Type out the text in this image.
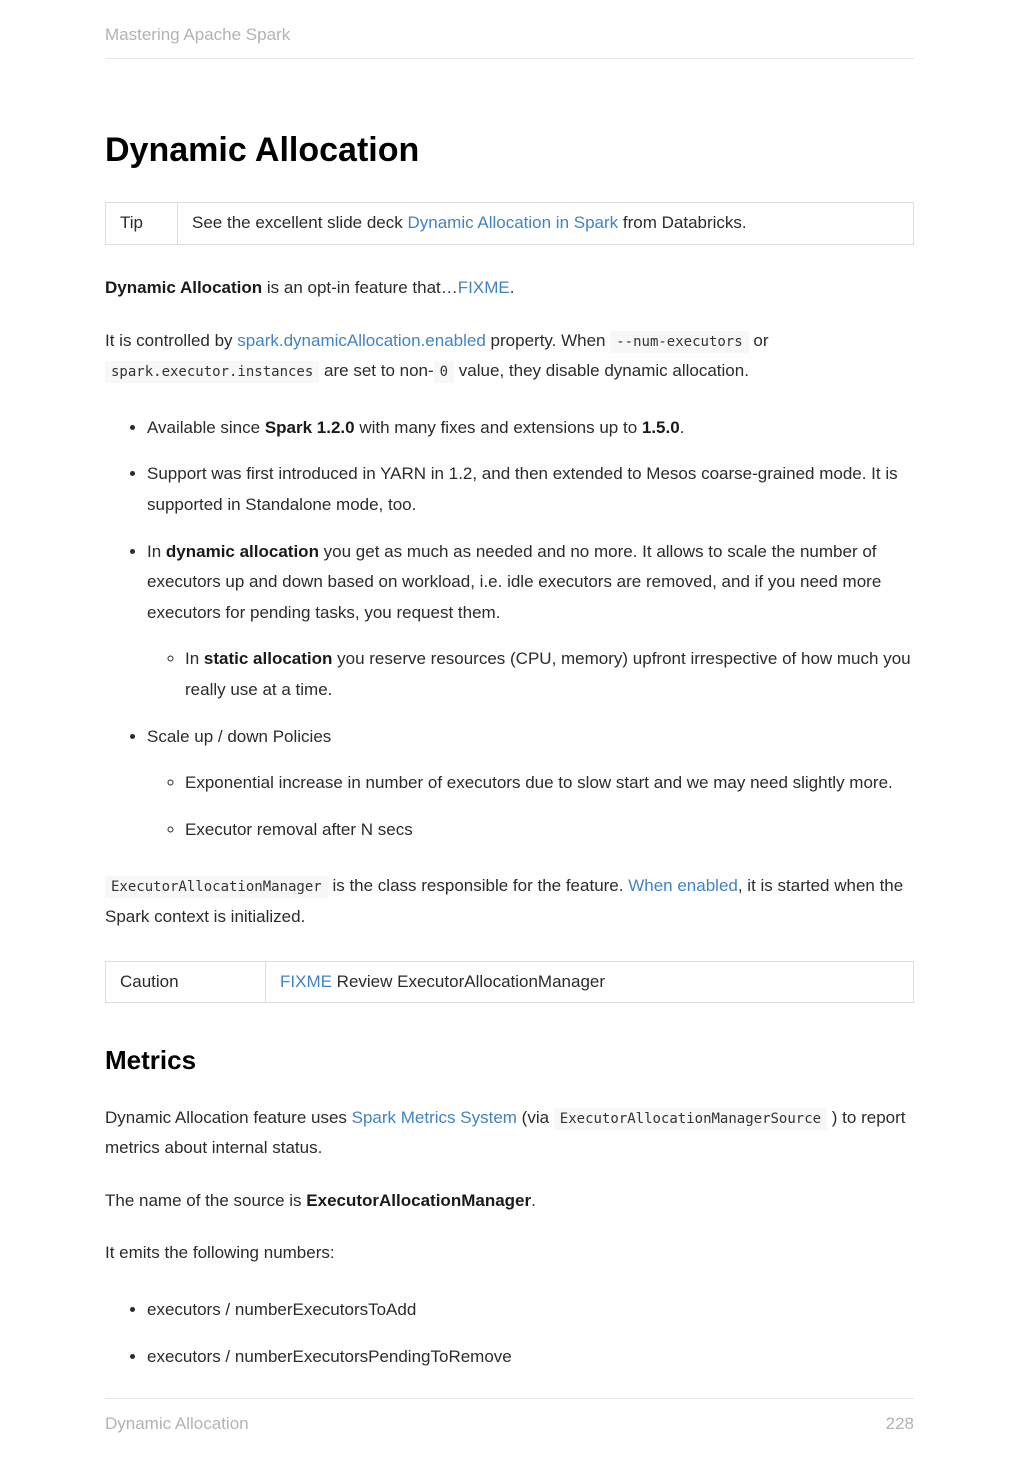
Mastering Apache Spark
Dynamic Allocation
Tip	See the excellent slide deck Dynamic Allocation in Spark from Databricks.

Dynamic Allocation is an opt-in feature that…FIXME.

It is controlled by spark.dynamicAllocation.enabled property. When --num-executors or spark.executor.instances are set to non- 0 value, they disable dynamic allocation.

• Available since Spark 1.2.0 with many fixes and extensions up to 1.5.0.
• Support was first introduced in YARN in 1.2, and then extended to Mesos coarse-grained mode. It is supported in Standalone mode, too.
• In dynamic allocation you get as much as needed and no more. It allows to scale the number of executors up and down based on workload, i.e. idle executors are removed, and if you need more executors for pending tasks, you request them.
◦ In static allocation you reserve resources (CPU, memory) upfront irrespective of how much you really use at a time.
• Scale up / down Policies
◦ Exponential increase in number of executors due to slow start and we may need slightly more.
◦ Executor removal after N secs

ExecutorAllocationManager is the class responsible for the feature. When enabled, it is started when the Spark context is initialized.

Caution	FIXME Review ExecutorAllocationManager
Metrics

Dynamic Allocation feature uses Spark Metrics System (via ExecutorAllocationManagerSource ) to report metrics about internal status.

The name of the source is ExecutorAllocationManager.

It emits the following numbers:

• executors / numberExecutorsToAdd
• executors / numberExecutorsPendingToRemove
Dynamic Allocation	228
